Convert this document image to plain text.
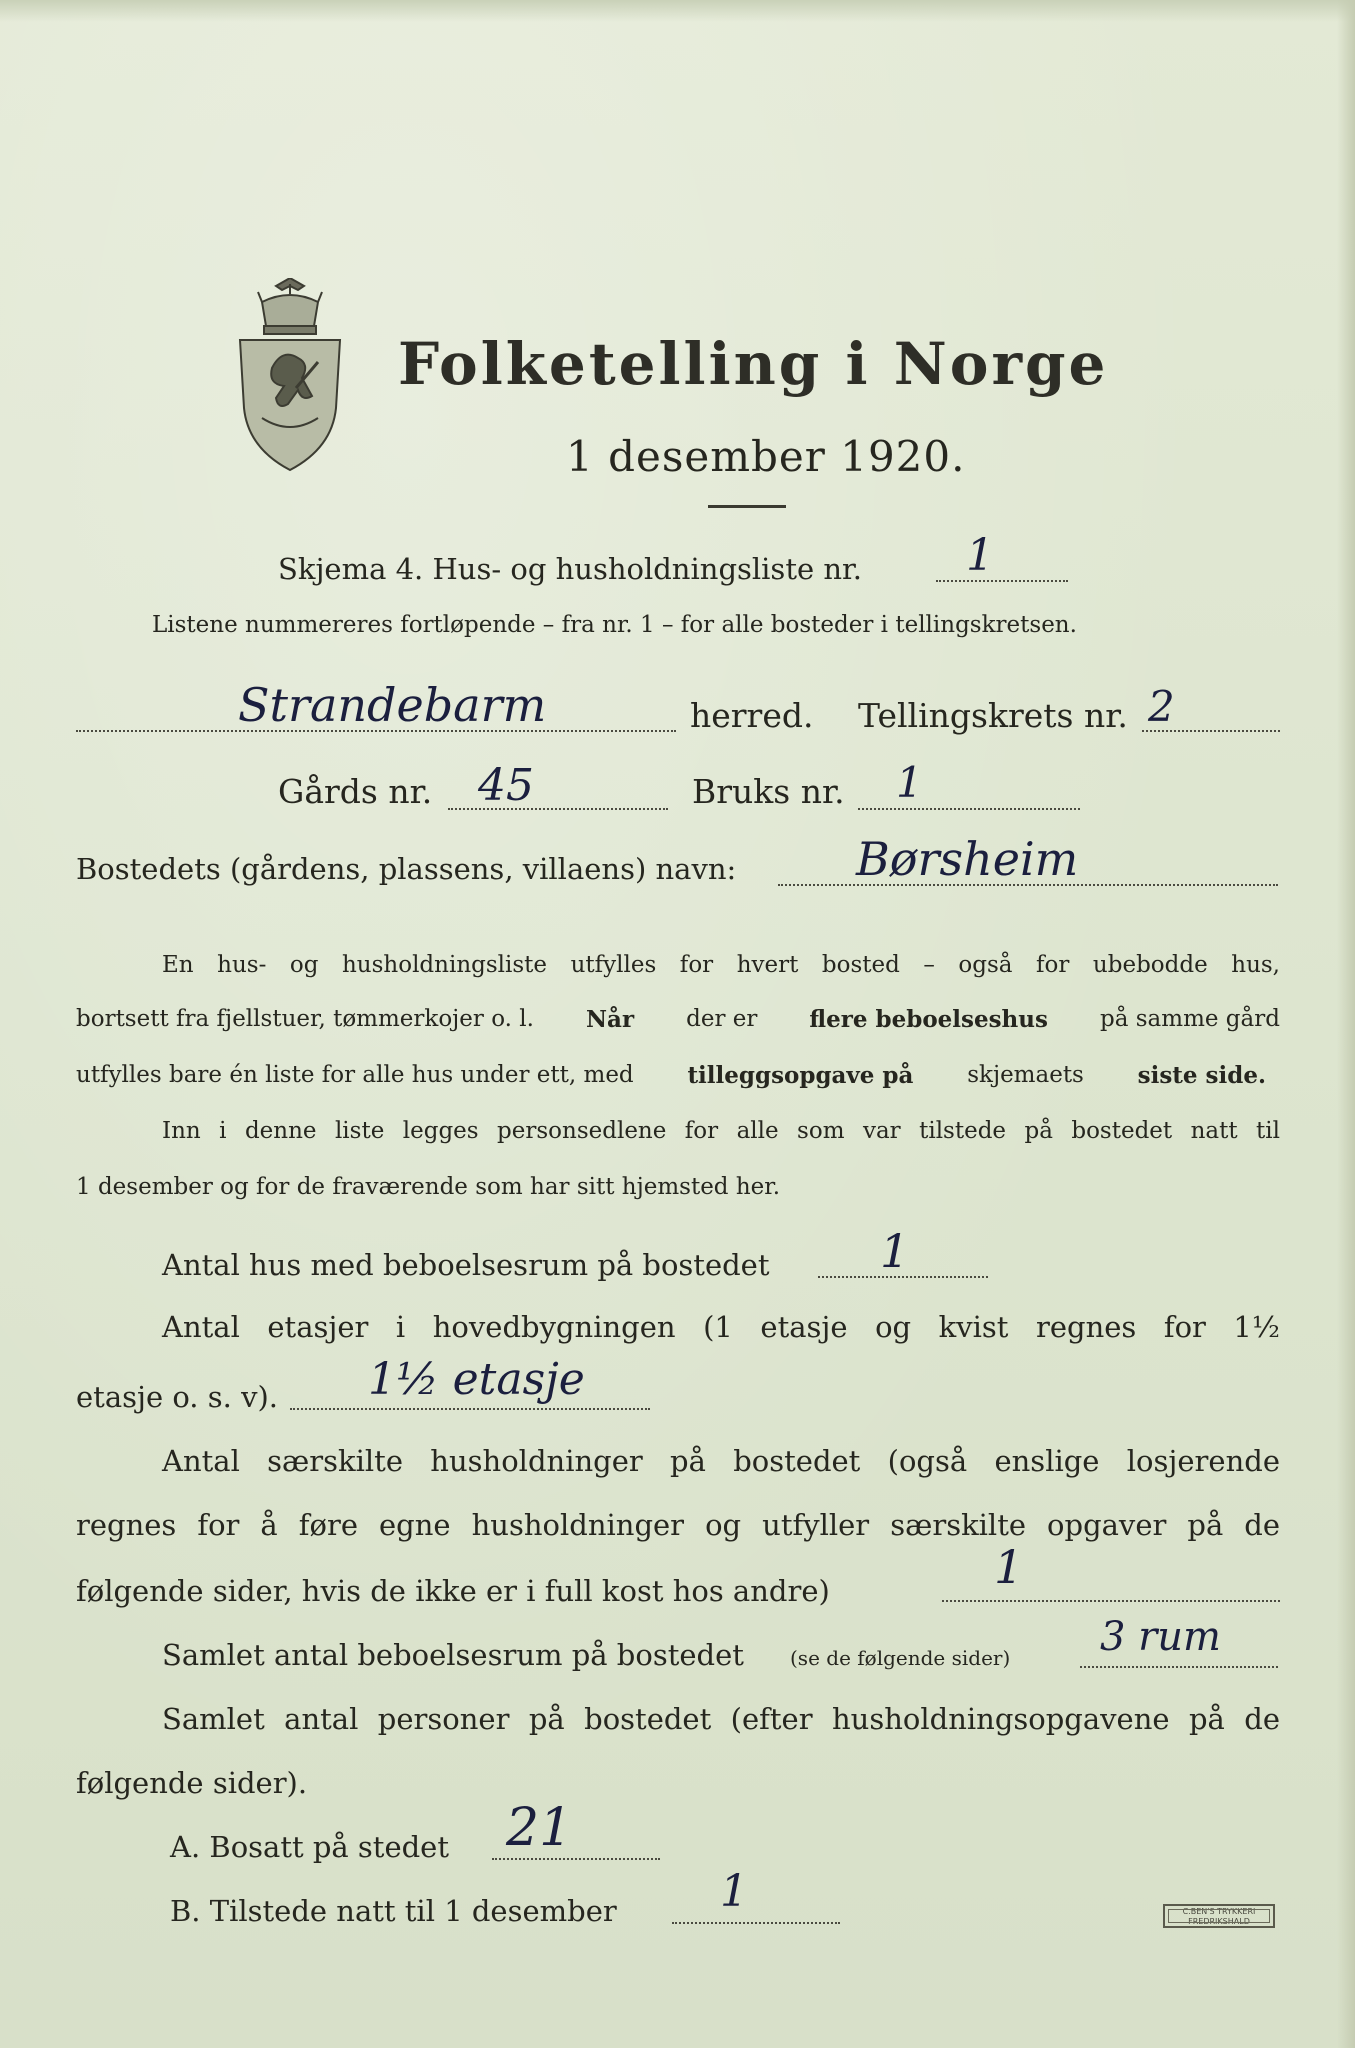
Folketelling i Norge
1 desember 1920.
Skjema 4. Hus- og husholdningsliste nr. 1
Listene nummereres fortløpende – fra nr. 1 – for alle bosteder i tellingskretsen.
Strandebarm	herred. Tellingskrets nr. 2
Gårds nr. 45	Bruks nr. 1
Bostedets (gårdens, plassens, villaens) navn:	Børsheim
En hus- og husholdningsliste utfylles for hvert bosted – også for ubebodde hus,
bortsett fra fjellstuer, tømmerkojer o. l. Når der er flere beboelseshus på samme gård
utfylles bare én liste for alle hus under ett, med tilleggsopgave på skjemaets siste side.
Inn i denne liste legges personsedlene for alle som var tilstede på bostedet natt til
1 desember og for de fraværende som har sitt hjemsted her.
Antal hus med beboelsesrum på bostedet 1
Antal etasjer i hovedbygningen (1 etasje og kvist regnes for 1½
etasje o. s. v). 1½ etasje
Antal særskilte husholdninger på bostedet (også enslige losjerende
regnes for å føre egne husholdninger og utfyller særskilte opgaver på de
følgende sider, hvis de ikke er i full kost hos andre)	1
Samlet antal beboelsesrum på bostedet (se de følgende sider) 3 rum
Samlet antal personer på bostedet (efter husholdningsopgavene på de
følgende sider).
A. Bosatt på stedet 21
B. Tilstede natt til 1 desember 1	C.BEN'S TRYKKERI
FREDRIKSHALD
